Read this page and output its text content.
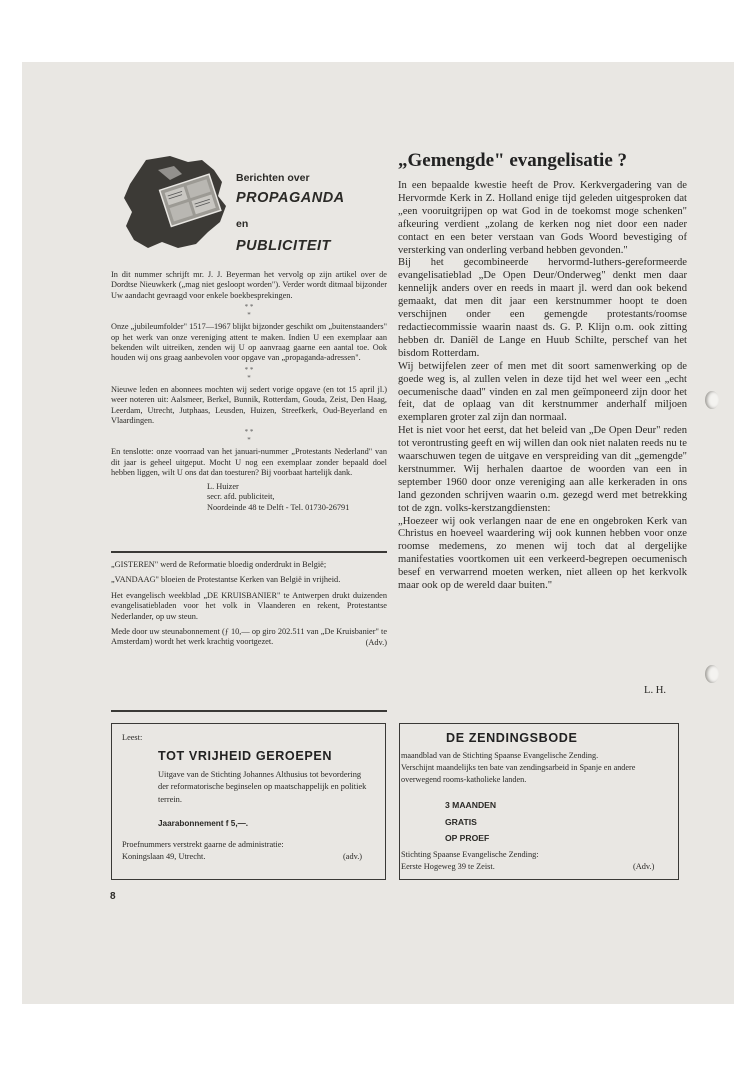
Berichten over
PROPAGANDA
en
PUBLICITEIT

In dit nummer schrijft mr. J. J. Beyerman het vervolg op zijn artikel over de Dordtse Nieuwkerk („mag niet gesloopt worden"). Verder wordt ditmaal bijzonder Uw aandacht gevraagd voor enkele boekbesprekingen.

* *
*

Onze „jubileumfolder" 1517—1967 blijkt bijzonder geschikt om „buitenstaanders" op het werk van onze vereniging attent te maken. Indien U een exemplaar aan bekenden wilt uitreiken, zenden wij U op aanvraag gaarne een aantal toe. Ook houden wij ons graag aanbevolen voor opgave van „propaganda-adressen".

* *
*

Nieuwe leden en abonnees mochten wij sedert vorige opgave (en tot 15 april jl.) weer noteren uit: Aalsmeer, Berkel, Bunnik, Rotterdam, Gouda, Zeist, Den Haag, Leerdam, Utrecht, Jutphaas, Leusden, Huizen, Streefkerk, Oud-Beyerland en Vlaardingen.

* *
*

En tenslotte: onze voorraad van het januari-nummer „Protestants Nederland" van dit jaar is geheel uitgeput. Mocht U nog een exemplaar zonder bepaald doel hebben liggen, wilt U ons dat dan toesturen? Bij voorbaat hartelijk dank.

L. Huizer
secr. afd. publiciteit,
Noordeinde 48 te Delft - Tel. 01730-26791

„GISTEREN" werd de Reformatie bloedig onderdrukt in België;

„VANDAAG" bloeien de Protestantse Kerken van België in vrijheid.

Het evangelisch weekblad „DE KRUISBANIER" te Antwerpen drukt duizenden evangelisatiebladen voor het volk in Vlaanderen en rekent, Protestantse Nederlander, op uw steun.

Mede door uw steunabonnement (ƒ 10,— op giro 202.511 van „De Kruisbanier" te Amsterdam) wordt het werk krachtig voortgezet.	(Adv.)
„Gemengde" evangelisatie ?
In een bepaalde kwestie heeft de Prov. Kerkvergadering van de Hervormde Kerk in Z. Holland enige tijd geleden uitgesproken dat „een vooruitgrijpen op wat God in de toekomst moge schenken" afkeuring verdient „zolang de kerken nog niet door een nader contact en een beter verstaan van Gods Woord bevestiging of versterking van onderling verband hebben gevonden."
Bij het gecombineerde hervormd-luthers-gereformeerde evangelisatieblad „De Open Deur/Onderweg" denkt men daar kennelijk anders over en reeds in maart jl. werd dan ook bekend gemaakt, dat men dit jaar een kerstnummer hoopt te doen verschijnen onder een gemengde protestants/roomse redactiecommissie waarin naast ds. G. P. Klijn o.m. ook zitting hebben dr. Daniël de Lange en Huub Schilte, perschef van het bisdom Rotterdam.
Wij betwijfelen zeer of men met dit soort samenwerking op de goede weg is, al zullen velen in deze tijd het wel weer een „echt oecumenische daad" vinden en zal men geïmponeerd zijn door het feit, dat de oplaag van dit kerstnummer anderhalf miljoen exemplaren groter zal zijn dan normaal.
Het is niet voor het eerst, dat het beleid van „De Open Deur" reden tot verontrusting geeft en wij willen dan ook niet nalaten reeds nu te waarschuwen tegen de uitgave en verspreiding van dit „gemengde" kerstnummer. Wij herhalen daartoe de woorden van een in september 1960 door onze vereniging aan alle kerkeraden in ons land gezonden schrijven waarin o.m. gezegd werd met betrekking tot de zgn. volks-kerstzangdiensten:
„Hoezeer wij ook verlangen naar de ene en ongebroken Kerk van Christus en hoeveel waardering wij ook kunnen hebben voor onze roomse medemens, zo menen wij toch dat al dergelijke manifestaties voortkomen uit een verkeerd-begrepen oecumenisch besef en verwarrend moeten werken, niet alleen op het kerkvolk maar ook op de wereld daar buiten."
L. H.
Leest:
TOT VRIJHEID GEROEPEN
Uitgave van de Stichting Johannes Althusius tot bevordering der reformatorische beginselen op maatschappelijk en politiek terrein.
Jaarabonnement f 5,—.
Proefnummers verstrekt gaarne de administratie:
Koningslaan 49, Utrecht.	(adv.)
DE ZENDINGSBODE
maandblad van de Stichting Spaanse Evangelische Zending.
Verschijnt maandelijks ten bate van zendingsarbeid in Spanje en andere overwegend rooms-katholieke landen.
3 MAANDEN
GRATIS
OP PROEF
Stichting Spaanse Evangelische Zending:
Eerste Hogeweg 39 te Zeist.	(Adv.)
8
